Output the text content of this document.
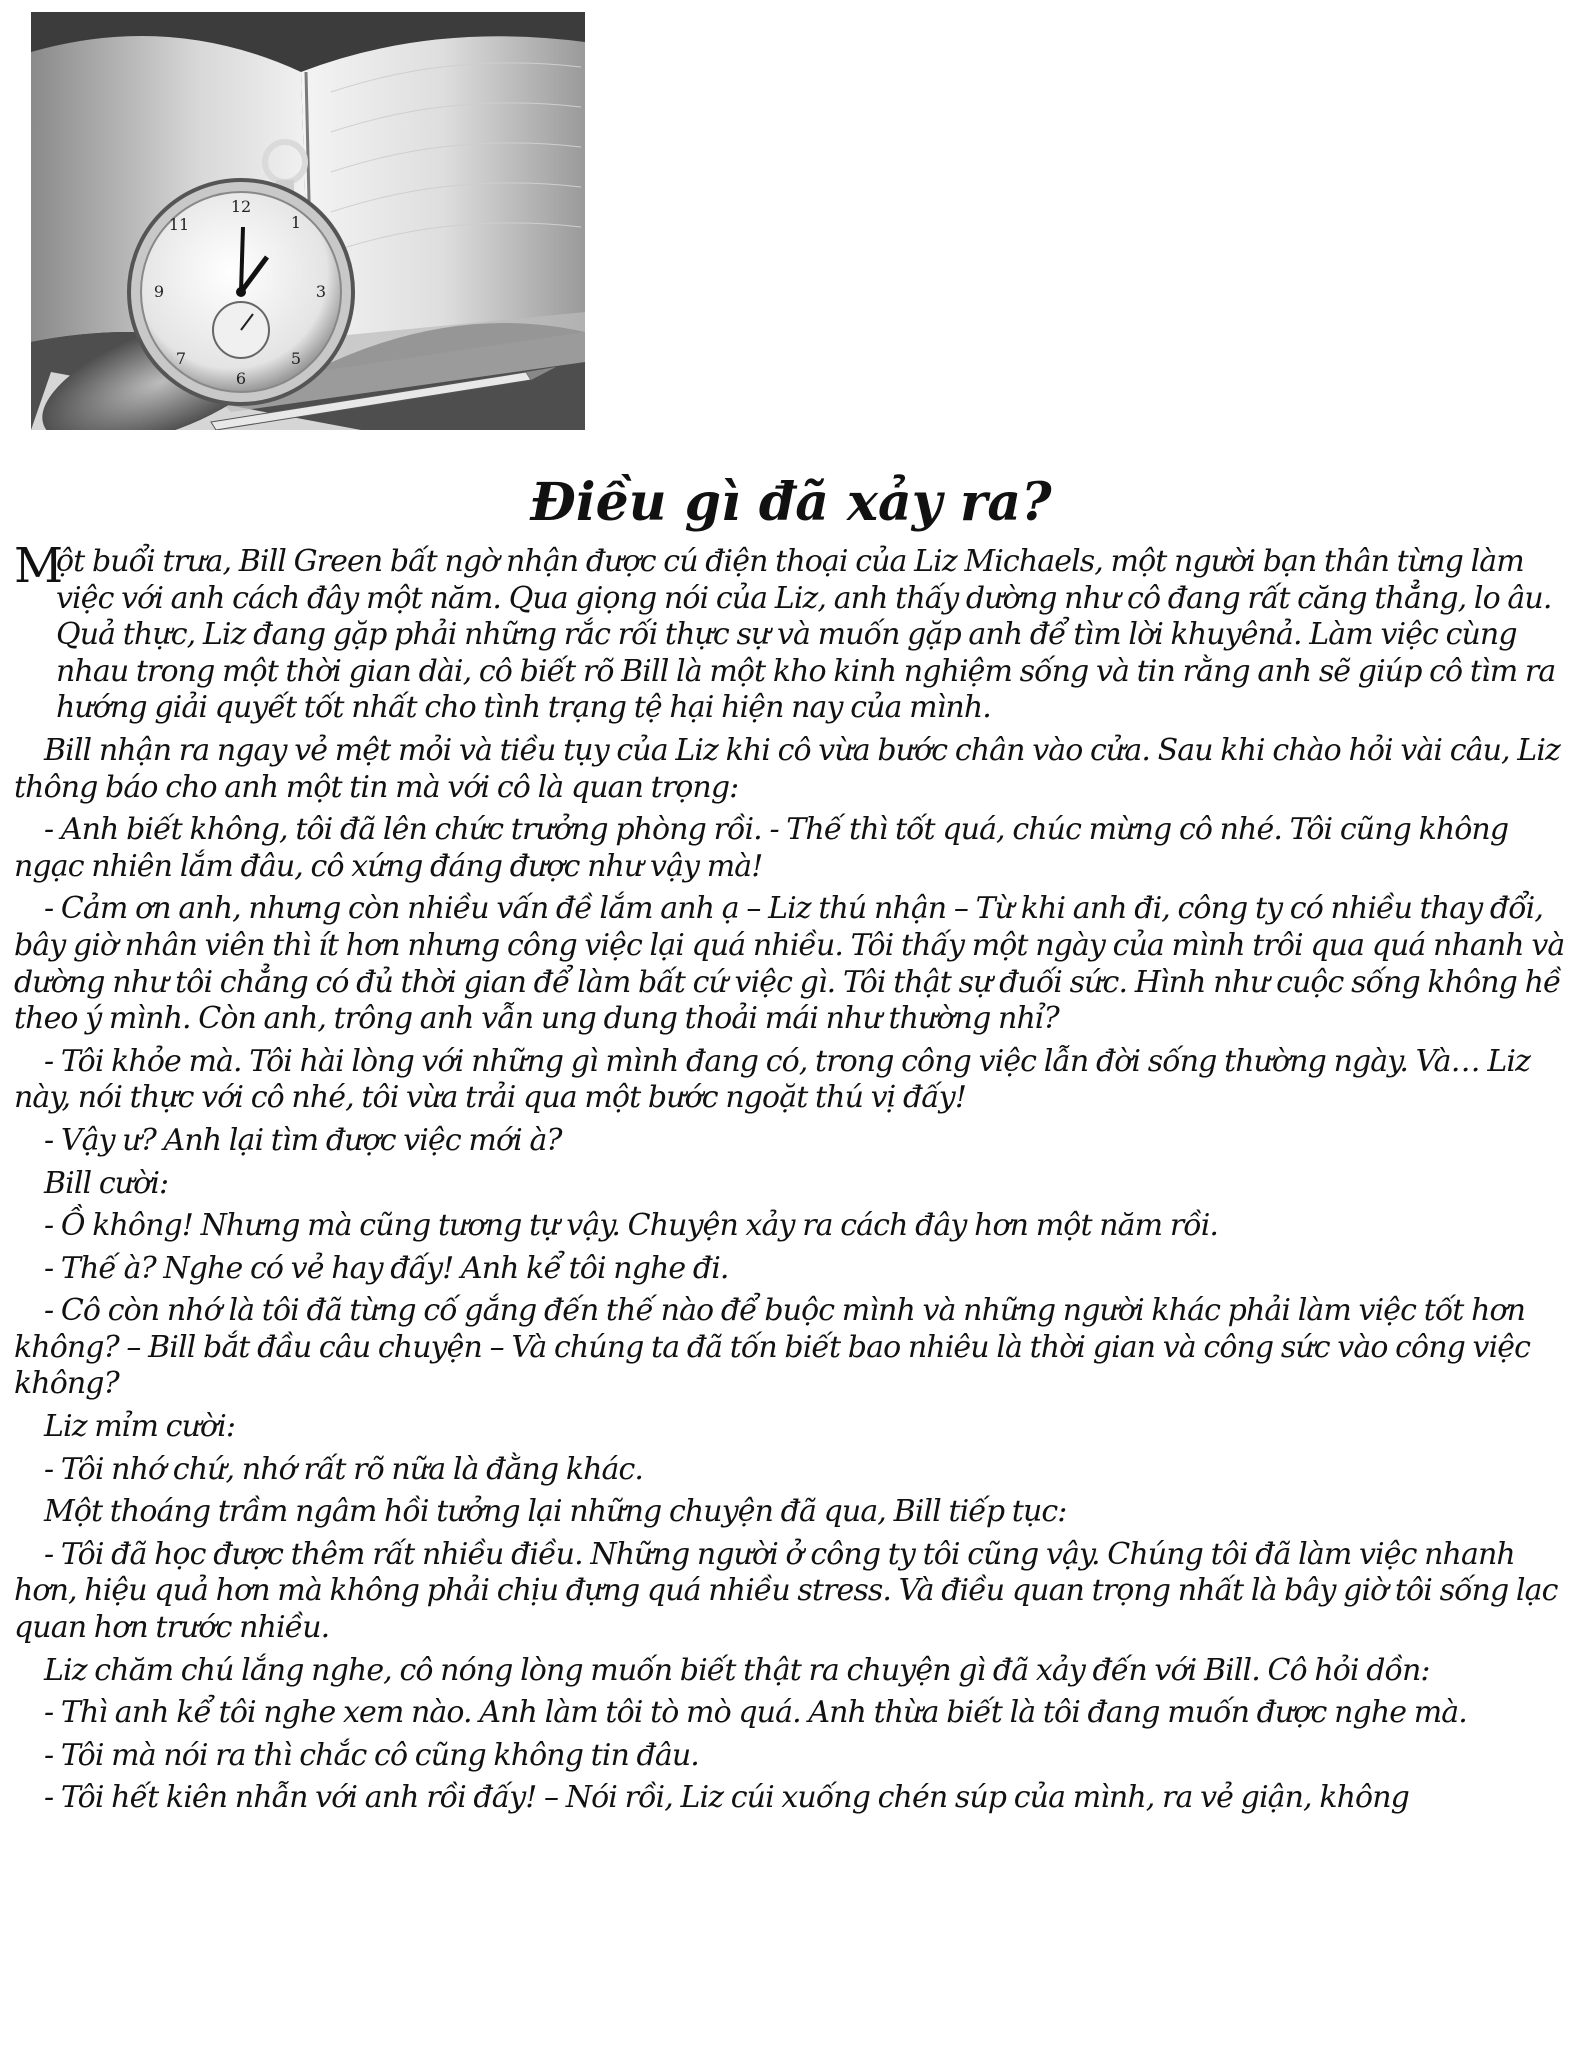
12
1
3
5
6
7
9
11
Điều gì đã xảy ra?

M
ột buổi trưa, Bill Green bất ngờ nhận được cú điện thoại của Liz Michaels, một người bạn thân từng làm việc với anh cách đây một năm. Qua giọng nói của Liz, anh thấy dường như cô đang rất căng thẳng, lo âu. Quả thực, Liz đang gặp phải những rắc rối thực sự và muốn gặp anh để tìm lời khuyênả. Làm việc cùng nhau trong một thời gian dài, cô biết rõ Bill là một kho kinh nghiệm sống và tin rằng anh sẽ giúp cô tìm ra hướng giải quyết tốt nhất cho tình trạng tệ hại hiện nay của mình.

Bill nhận ra ngay vẻ mệt mỏi và tiều tụy của Liz khi cô vừa bước chân vào cửa. Sau khi chào hỏi vài câu, Liz thông báo cho anh một tin mà với cô là quan trọng:

- Anh biết không, tôi đã lên chức trưởng phòng rồi. - Thế thì tốt quá, chúc mừng cô nhé. Tôi cũng không ngạc nhiên lắm đâu, cô xứng đáng được như vậy mà!

- Cảm ơn anh, nhưng còn nhiều vấn đề lắm anh ạ – Liz thú nhận – Từ khi anh đi, công ty có nhiều thay đổi, bây giờ nhân viên thì ít hơn nhưng công việc lại quá nhiều. Tôi thấy một ngày của mình trôi qua quá nhanh và dường như tôi chẳng có đủ thời gian để làm bất cứ việc gì. Tôi thật sự đuối sức. Hình như cuộc sống không hề theo ý mình. Còn anh, trông anh vẫn ung dung thoải mái như thường nhỉ?

- Tôi khỏe mà. Tôi hài lòng với những gì mình đang có, trong công việc lẫn đời sống thường ngày. Và… Liz này, nói thực với cô nhé, tôi vừa trải qua một bước ngoặt thú vị đấy!

- Vậy ư? Anh lại tìm được việc mới à?

Bill cười:

- Ồ không! Nhưng mà cũng tương tự vậy. Chuyện xảy ra cách đây hơn một năm rồi.

- Thế à? Nghe có vẻ hay đấy! Anh kể tôi nghe đi.

- Cô còn nhớ là tôi đã từng cố gắng đến thế nào để buộc mình và những người khác phải làm việc tốt hơn không? – Bill bắt đầu câu chuyện – Và chúng ta đã tốn biết bao nhiêu là thời gian và công sức vào công việc không?

Liz mỉm cười:

- Tôi nhớ chứ, nhớ rất rõ nữa là đằng khác.

Một thoáng trầm ngâm hồi tưởng lại những chuyện đã qua, Bill tiếp tục:

- Tôi đã học được thêm rất nhiều điều. Những người ở công ty tôi cũng vậy. Chúng tôi đã làm việc nhanh hơn, hiệu quả hơn mà không phải chịu đựng quá nhiều stress. Và điều quan trọng nhất là bây giờ tôi sống lạc quan hơn trước nhiều.

Liz chăm chú lắng nghe, cô nóng lòng muốn biết thật ra chuyện gì đã xảy đến với Bill. Cô hỏi dồn:

- Thì anh kể tôi nghe xem nào. Anh làm tôi tò mò quá. Anh thừa biết là tôi đang muốn được nghe mà.

- Tôi mà nói ra thì chắc cô cũng không tin đâu.

- Tôi hết kiên nhẫn với anh rồi đấy! – Nói rồi, Liz cúi xuống chén súp của mình, ra vẻ giận, không
